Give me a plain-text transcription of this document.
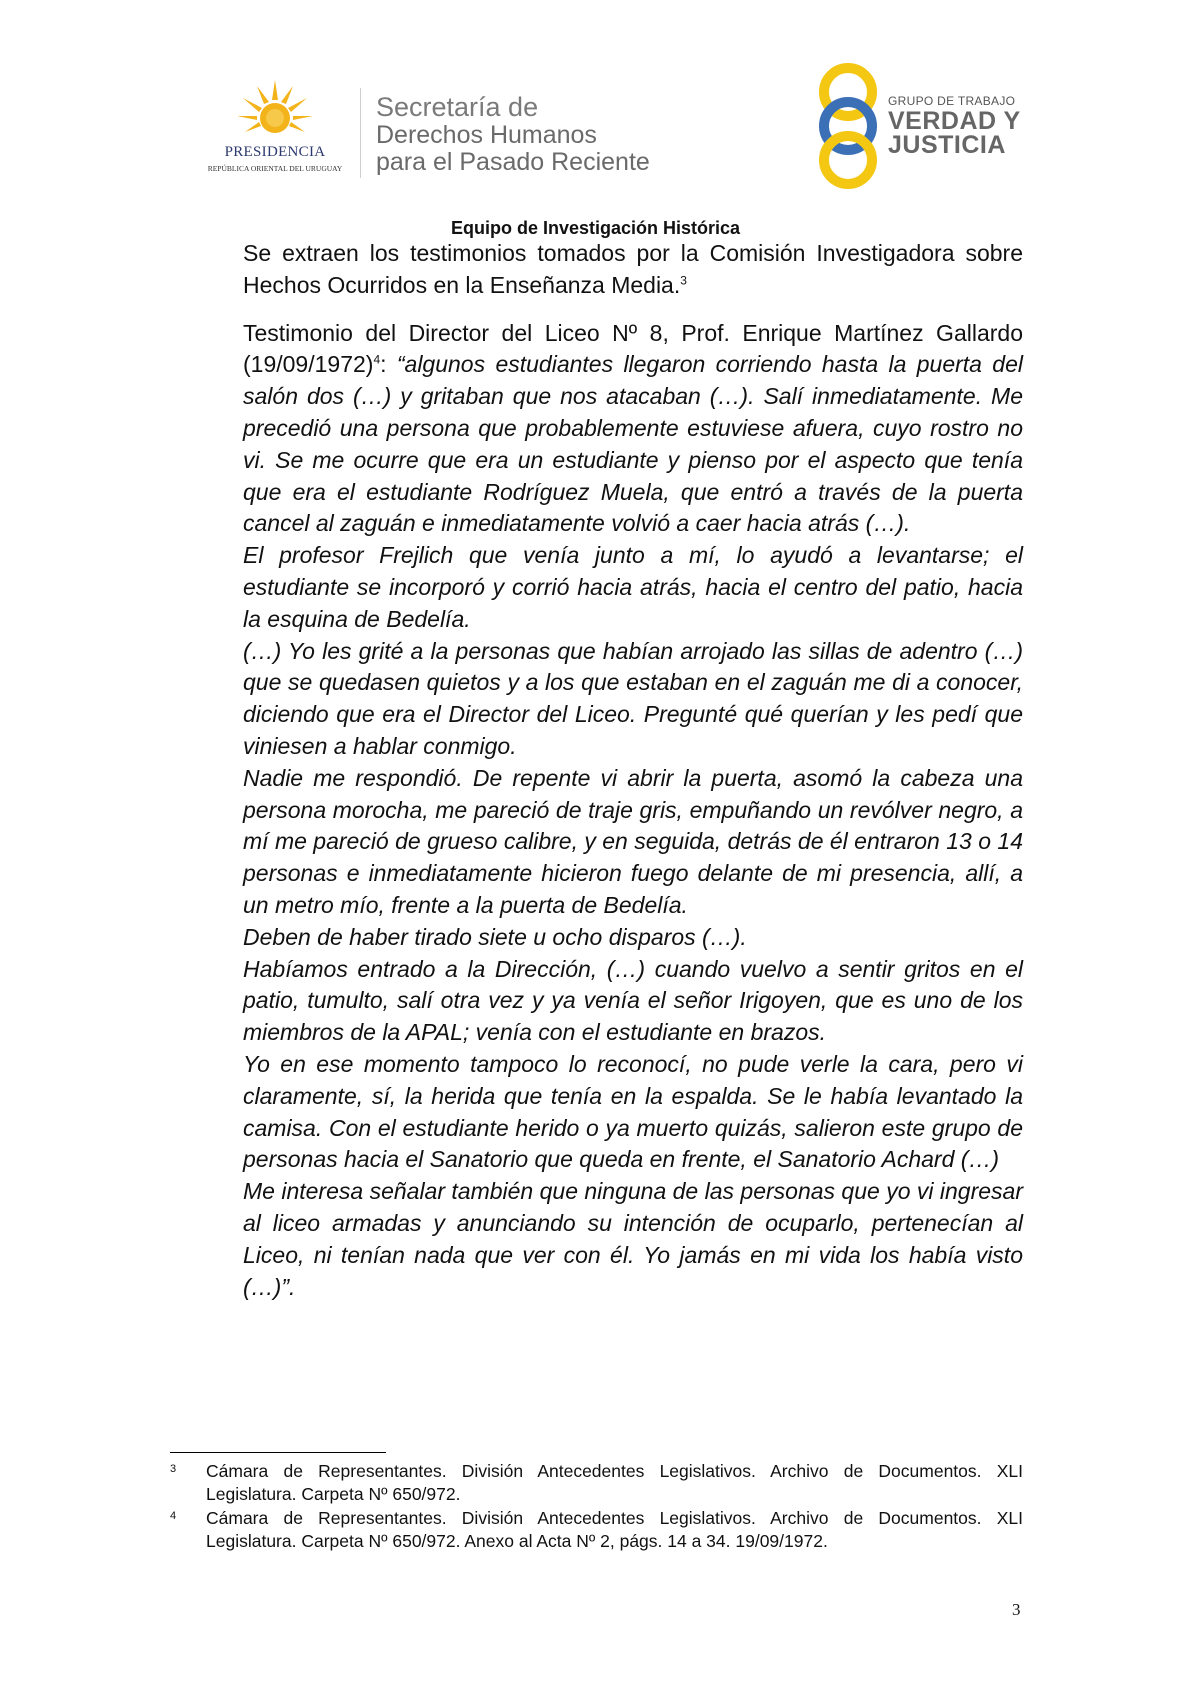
PRESIDENCIA
REPÚBLICA ORIENTAL DEL URUGUAY
Secretaría de
Derechos Humanos
para el Pasado Reciente
GRUPO DE TRABAJO
VERDAD Y
JUSTICIA
Equipo de Investigación Histórica

Se extraen los testimonios tomados por la Comisión Investigadora sobre Hechos Ocurridos en la Enseñanza Media.$^3$

Testimonio del Director del Liceo Nº 8, Prof. Enrique Martínez Gallardo $(19/09/1972)^4$: “algunos estudiantes llegaron corriendo hasta la puerta del salón dos (…) y gritaban que nos atacaban (…). Salí inmediatamente. Me precedió una persona que probablemente estuviese afuera, cuyo rostro no vi. Se me ocurre que era un estudiante y pienso por el aspecto que tenía que era el estudiante Rodríguez Muela, que entró a través de la puerta cancel al zaguán e inmediatamente volvió a caer hacia atrás (…).

El profesor Frejlich que venía junto a mí, lo ayudó a levantarse; el estudiante se incorporó y corrió hacia atrás, hacia el centro del patio, hacia la esquina de Bedelía.

(…) Yo les grité a la personas que habían arrojado las sillas de adentro (…) que se quedasen quietos y a los que estaban en el zaguán me di a conocer, diciendo que era el Director del Liceo. Pregunté qué querían y les pedí que viniesen a hablar conmigo.

Nadie me respondió. De repente vi abrir la puerta, asomó la cabeza una persona morocha, me pareció de traje gris, empuñando un revólver negro, a mí me pareció de grueso calibre, y en seguida, detrás de él entraron 13 o 14 personas e inmediatamente hicieron fuego delante de mi presencia, allí, a un metro mío, frente a la puerta de Bedelía.

Deben de haber tirado siete u ocho disparos (…).

Habíamos entrado a la Dirección, (…) cuando vuelvo a sentir gritos en el patio, tumulto, salí otra vez y ya venía el señor Irigoyen, que es uno de los miembros de la APAL; venía con el estudiante en brazos.

Yo en ese momento tampoco lo reconocí, no pude verle la cara, pero vi claramente, sí, la herida que tenía en la espalda. Se le había levantado la camisa. Con el estudiante herido o ya muerto quizás, salieron este grupo de personas hacia el Sanatorio que queda en frente, el Sanatorio Achard (…)

Me interesa señalar también que ninguna de las personas que yo vi ingresar al liceo armadas y anunciando su intención de ocuparlo, pertenecían al Liceo, ni tenían nada que ver con él. Yo jamás en mi vida los había visto (…)”.

3 Cámara de Representantes. División Antecedentes Legislativos. Archivo de Documentos. XLI Legislatura. Carpeta Nº 650/972.
4 Cámara de Representantes. División Antecedentes Legislativos. Archivo de Documentos. XLI Legislatura. Carpeta Nº 650/972. Anexo al Acta Nº 2, págs. 14 a 34. 19/09/1972.
3
